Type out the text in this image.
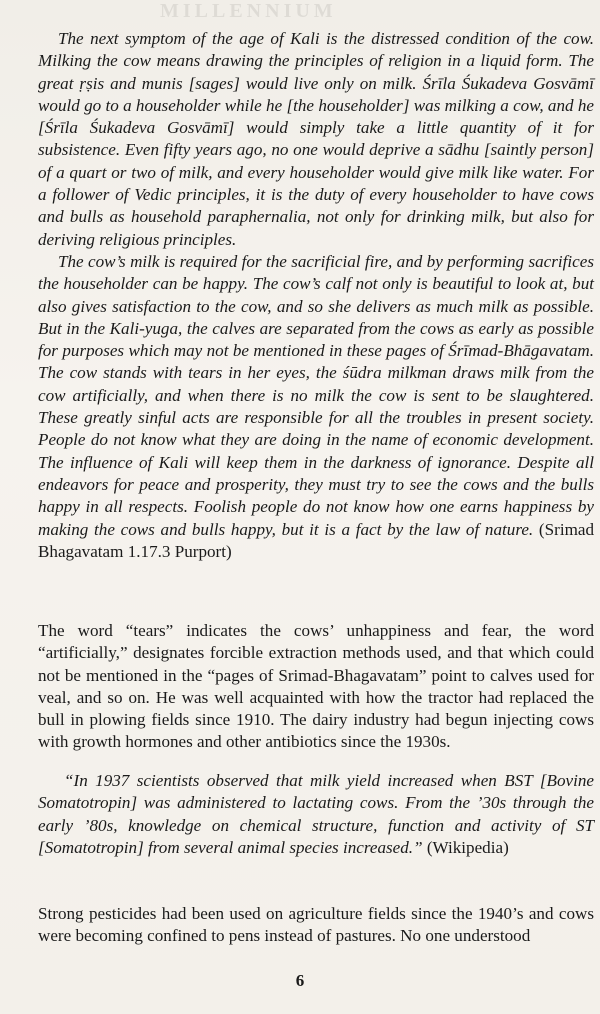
MILLENNIUM

The next symptom of the age of Kali is the distressed condition of the cow. Milking the cow means drawing the principles of religion in a liquid form. The great ṛṣis and munis [sages] would live only on milk. Śrīla Śukadeva Gosvāmī would go to a householder while he [the householder] was milking a cow, and he [Śrīla Śukadeva Gosvāmī] would simply take a little quantity of it for subsistence. Even fifty years ago, no one would deprive a sādhu [saintly person] of a quart or two of milk, and every householder would give milk like water. For a follower of Vedic principles, it is the duty of every householder to have cows and bulls as household paraphernalia, not only for drinking milk, but also for deriving religious principles.

The cow’s milk is required for the sacrificial fire, and by performing sacrifices the householder can be happy. The cow’s calf not only is beautiful to look at, but also gives satisfaction to the cow, and so she delivers as much milk as possible. But in the Kali-yuga, the calves are separated from the cows as early as possible for purposes which may not be mentioned in these pages of Śrīmad-Bhāgavatam. The cow stands with tears in her eyes, the śūdra milkman draws milk from the cow artificially, and when there is no milk the cow is sent to be slaughtered. These greatly sinful acts are responsible for all the troubles in present society. People do not know what they are doing in the name of economic development. The influence of Kali will keep them in the darkness of ignorance. Despite all endeavors for peace and prosperity, they must try to see the cows and the bulls happy in all respects. Foolish people do not know how one earns happiness by making the cows and bulls happy, but it is a fact by the law of nature. (Srimad Bhagavatam 1.17.3 Purport)

The word “tears” indicates the cows’ unhappiness and fear, the word “artificially,” designates forcible extraction methods used, and that which could not be mentioned in the “pages of Srimad-Bhagavatam” point to calves used for veal, and so on. He was well acquainted with how the tractor had replaced the bull in plowing fields since 1910. The dairy industry had begun injecting cows with growth hormones and other antibiotics since the 1930s.

“In 1937 scientists observed that milk yield increased when BST [Bovine Somatotropin] was administered to lactating cows. From the ’30s through the early ’80s, knowledge on chemical structure, function and activity of ST [Somatotropin] from several animal species increased.” (Wikipedia)

Strong pesticides had been used on agriculture fields since the 1940’s and cows were becoming confined to pens instead of pastures. No one understood

6
